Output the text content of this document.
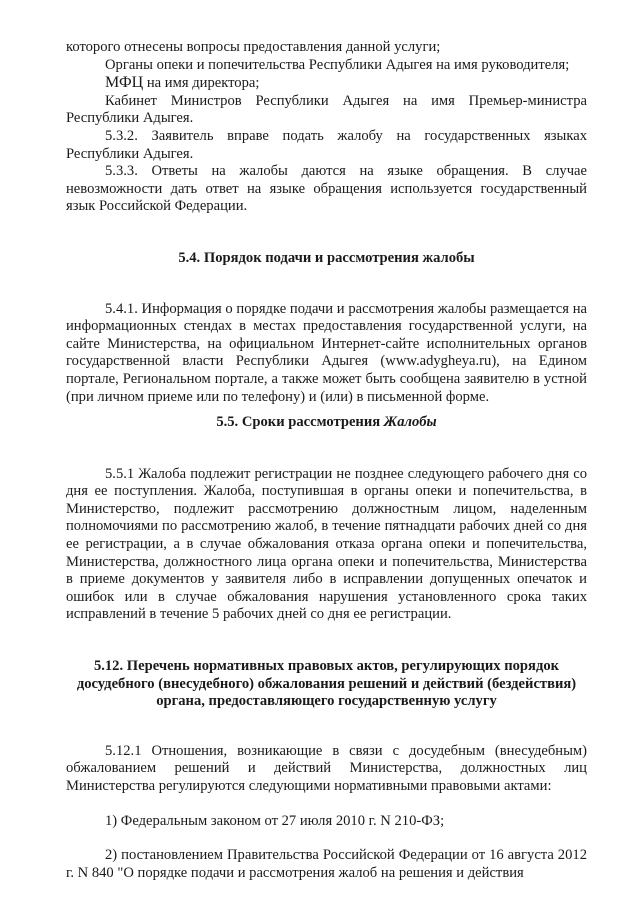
которого отнесены вопросы предоставления данной услуги;

Органы опеки и попечительства Республики Адыгея на имя руководителя;

МФЦ на имя директора;

Кабинет Министров Республики Адыгея на имя Премьер-министра Республики Адыгея.

5.3.2. Заявитель вправе подать жалобу на государственных языках Республики Адыгея.

5.3.3. Ответы на жалобы даются на языке обращения. В случае невозможности дать ответ на языке обращения используется государственный язык Российской Федерации.

5.4. Порядок подачи и рассмотрения жалобы

5.4.1. Информация о порядке подачи и рассмотрения жалобы размещается на информационных стендах в местах предоставления государственной услуги, на сайте Министерства, на официальном Интернет-сайте исполнительных органов государственной власти Республики Адыгея (www.adygheya.ru), на Едином портале, Региональном портале, а также может быть сообщена заявителю в устной (при личном приеме или по телефону) и (или) в письменной форме.

5.5. Сроки рассмотрения Жалобы

5.5.1 Жалоба подлежит регистрации не позднее следующего рабочего дня со дня ее поступления. Жалоба, поступившая в органы опеки и попечительства, в Министерство, подлежит рассмотрению должностным лицом, наделенным полномочиями по рассмотрению жалоб, в течение пятнадцати рабочих дней со дня ее регистрации, а в случае обжалования отказа органа опеки и попечительства, Министерства, должностного лица органа опеки и попечительства, Министерства в приеме документов у заявителя либо в исправлении допущенных опечаток и ошибок или в случае обжалования нарушения установленного срока таких исправлений в течение 5 рабочих дней со дня ее регистрации.

5.12. Перечень нормативных правовых актов, регулирующих порядок

досудебного (внесудебного) обжалования решений и действий (бездействия)

органа, предоставляющего государственную услугу

5.12.1 Отношения, возникающие в связи с досудебным (внесудебным) обжалованием решений и действий Министерства, должностных лиц Министерства регулируются следующими нормативными правовыми актами:

1) Федеральным законом от 27 июля 2010 г. N 210-ФЗ;

2) постановлением Правительства Российской Федерации от 16 августа 2012 г. N 840 "О порядке подачи и рассмотрения жалоб на решения и действия
